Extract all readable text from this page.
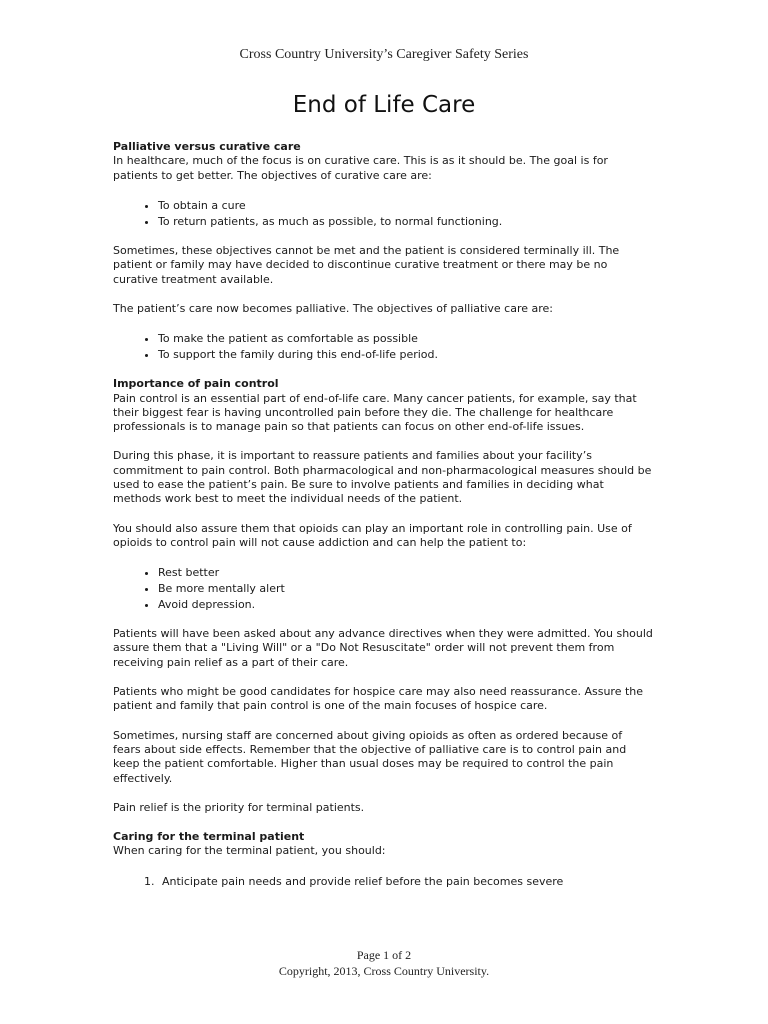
Cross Country University’s Caregiver Safety Series
End of Life Care

Palliative versus curative care
In healthcare, much of the focus is on curative care. This is as it should be. The goal is for patients to get better. The objectives of curative care are:

• To obtain a cure
• To return patients, as much as possible, to normal functioning.

Sometimes, these objectives cannot be met and the patient is considered terminally ill. The patient or family may have decided to discontinue curative treatment or there may be no curative treatment available.

The patient’s care now becomes palliative. The objectives of palliative care are:

• To make the patient as comfortable as possible
• To support the family during this end-of-life period.

Importance of pain control
Pain control is an essential part of end-of-life care. Many cancer patients, for example, say that their biggest fear is having uncontrolled pain before they die. The challenge for healthcare professionals is to manage pain so that patients can focus on other end-of-life issues.

During this phase, it is important to reassure patients and families about your facility’s commitment to pain control. Both pharmacological and non-pharmacological measures should be used to ease the patient’s pain. Be sure to involve patients and families in deciding what methods work best to meet the individual needs of the patient.

You should also assure them that opioids can play an important role in controlling pain. Use of opioids to control pain will not cause addiction and can help the patient to:

• Rest better
• Be more mentally alert
• Avoid depression.

Patients will have been asked about any advance directives when they were admitted. You should assure them that a "Living Will" or a "Do Not Resuscitate" order will not prevent them from receiving pain relief as a part of their care.

Patients who might be good candidates for hospice care may also need reassurance. Assure the patient and family that pain control is one of the main focuses of hospice care.

Sometimes, nursing staff are concerned about giving opioids as often as ordered because of fears about side effects. Remember that the objective of palliative care is to control pain and keep the patient comfortable. Higher than usual doses may be required to control the pain effectively.

Pain relief is the priority for terminal patients.

Caring for the terminal patient
When caring for the terminal patient, you should:

1. Anticipate pain needs and provide relief before the pain becomes severe
Page 1 of 2
Copyright, 2013, Cross Country University.
